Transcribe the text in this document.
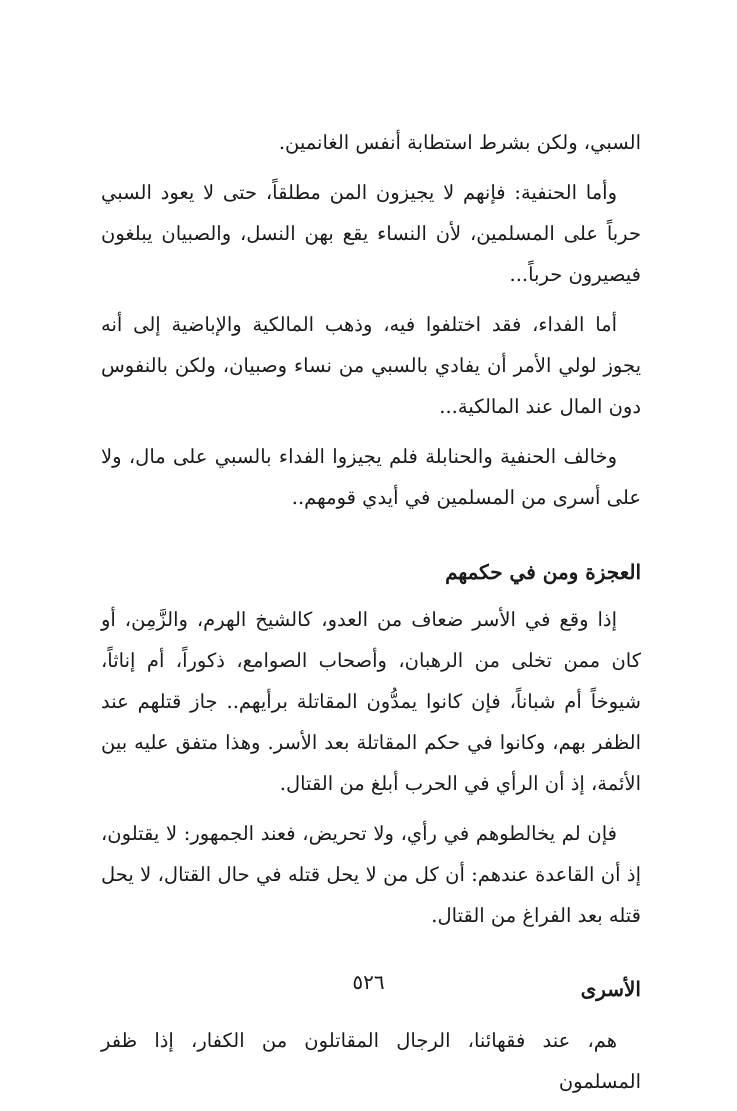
السبي، ولكن بشرط استطابة أنفس الغانمين.

وأما الحنفية: فإنهم لا يجيزون المن مطلقاً، حتى لا يعود السبي حرباً على المسلمين، لأن النساء يقع بهن النسل، والصبيان يبلغون فيصيرون حرباً...

أما الفداء، فقد اختلفوا فيه، وذهب المالكية والإباضية إلى أنه يجوز لولي الأمر أن يفادي بالسبي من نساء وصبيان، ولكن بالنفوس دون المال عند المالكية...

وخالف الحنفية والحنابلة فلم يجيزوا الفداء بالسبي على مال، ولا على أسرى من المسلمين في أيدي قومهم..

العجزة ومن في حكمهم

إذا وقع في الأسر ضعاف من العدو، كالشيخ الهرم، والزَّمِن، أو كان ممن تخلى من الرهبان، وأصحاب الصوامع، ذكوراً، أم إناثاً، شيوخاً أم شباناً، فإن كانوا يمدُّون المقاتلة برأيهم.. جاز قتلهم عند الظفر بهم، وكانوا في حكم المقاتلة بعد الأسر. وهذا متفق عليه بين الأئمة، إذ أن الرأي في الحرب أبلغ من القتال.

فإن لم يخالطوهم في رأي، ولا تحريض، فعند الجمهور: لا يقتلون، إذ أن القاعدة عندهم: أن كل من لا يحل قتله في حال القتال، لا يحل قتله بعد الفراغ من القتال.

الأسرى

هم، عند فقهائنا، الرجال المقاتلون من الكفار، إذا ظفر المسلمون

٥٢٦
